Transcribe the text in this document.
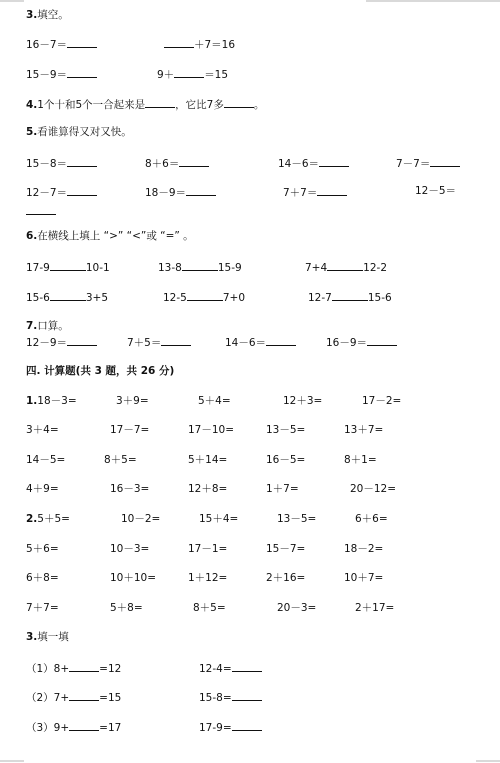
3.填空。
16－7＝	＋7＝16
15－9＝	9＋	＝15
4.1个十和5个一合起来是	，它比7多	。
5.看谁算得又对又快。
15－8＝	8＋6＝	14－6＝	7－7＝
12－7＝	18－9＝	7＋7＝	12－5＝
6.在横线上填上 “>” “<”或 “=” 。
17-9	10-1	13-8	15-9	7+4	12-2
15-6	3+5	12-5	7+0	12-7	15-6
7.口算。
12－9＝	7＋5＝	14－6＝	16－9＝
四. 计算题(共 3 题，共 26 分)
1.18－3=	3＋9=	5＋4=	12＋3=	17－2=
3＋4=	17－7=	17－10=	13－5=	13＋7=
14－5=	8＋5=	5＋14=	16－5=	8＋1=
4＋9=	16－3=	12＋8=	1＋7=	20－12=
2.5＋5=	10－2=	15＋4=	13－5=	6＋6=
5＋6=	10－3=	17－1=	15－7=	18－2=
6＋8=	10＋10=	1＋12=	2＋16=	10＋7=
7＋7=	5＋8=	8＋5=	20－3=	2＋17=
3.填一填
（1）8+	=12	12-4=
（2）7+	=15	15-8=
（3）9+	=17	17-9=
